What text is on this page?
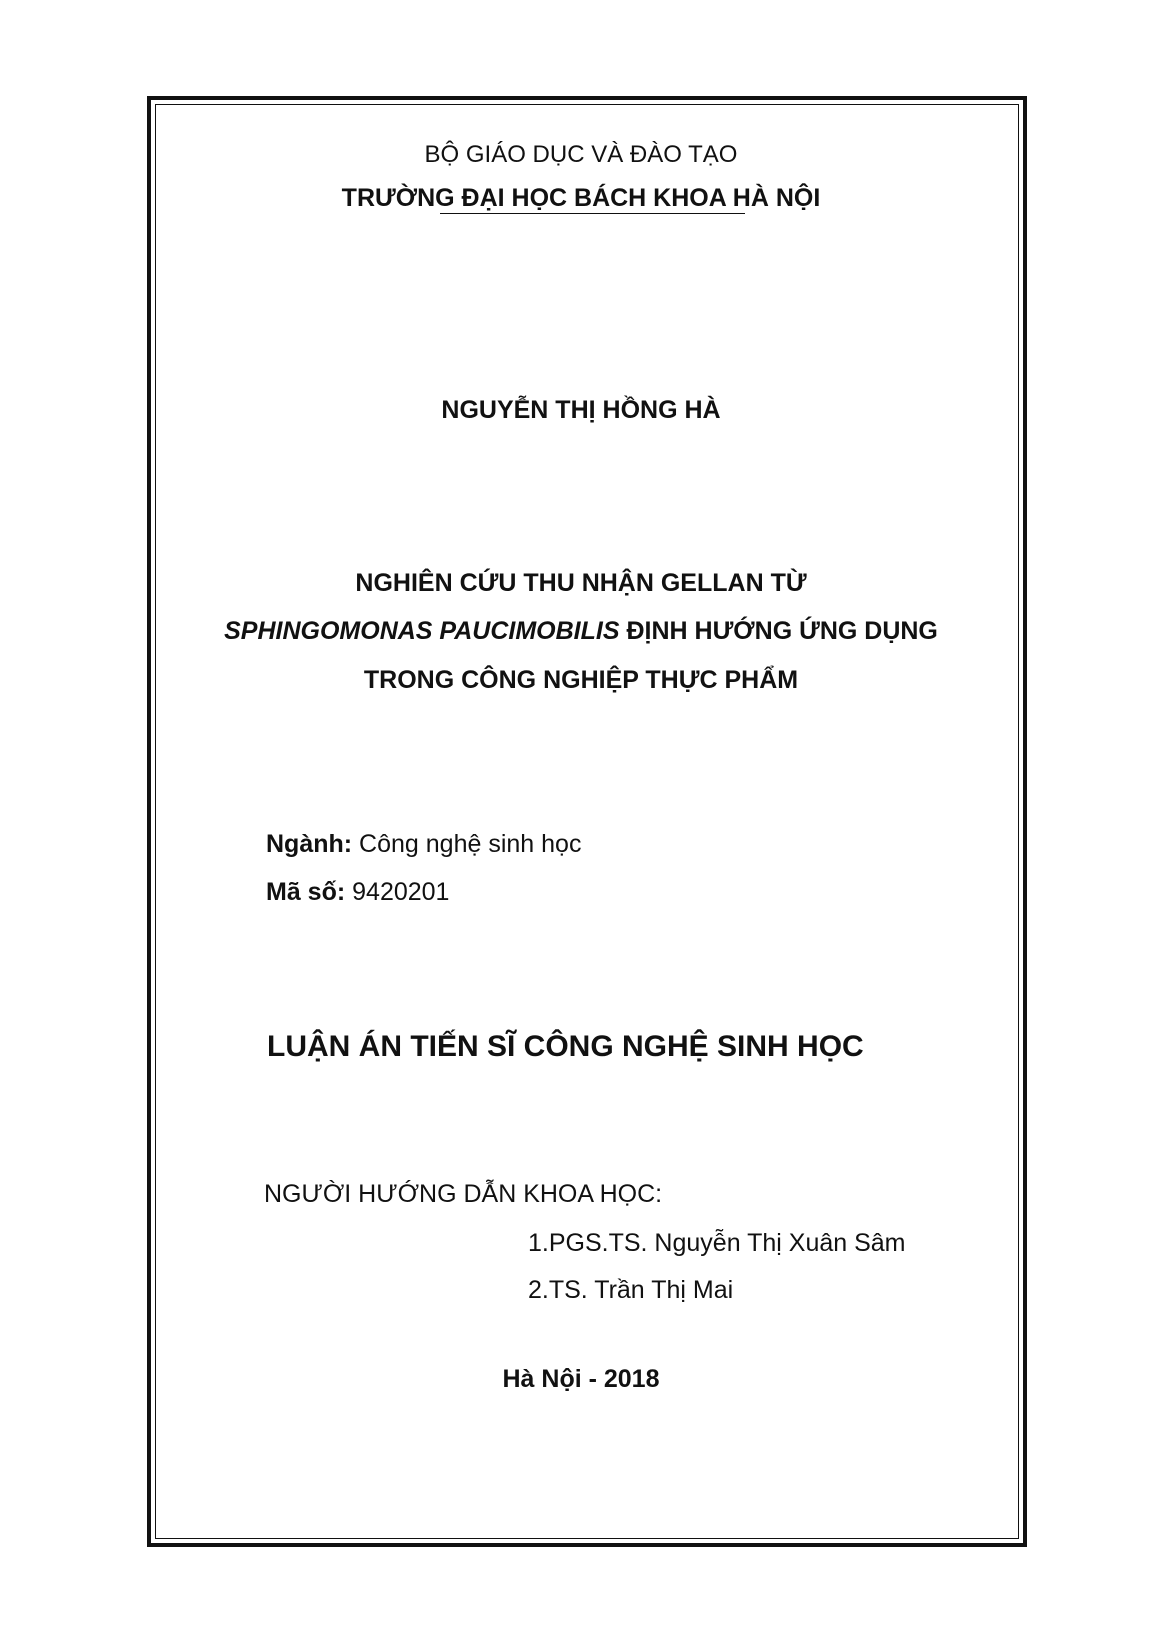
BỘ GIÁO DỤC VÀ ĐÀO TẠO
TRƯỜNG ĐẠI HỌC BÁCH KHOA HÀ NỘI
NGUYỄN THỊ HỒNG HÀ
NGHIÊN CỨU THU NHẬN GELLAN TỪ
SPHINGOMONAS PAUCIMOBILIS ĐỊNH HƯỚNG ỨNG DỤNG
TRONG CÔNG NGHIỆP THỰC PHẨM
Ngành: Công nghệ sinh học
Mã số: 9420201
LUẬN ÁN TIẾN SĨ CÔNG NGHỆ SINH HỌC
NGƯỜI HƯỚNG DẪN KHOA HỌC:
1.PGS.TS. Nguyễn Thị Xuân Sâm
2.TS. Trần Thị Mai
Hà Nội - 2018
